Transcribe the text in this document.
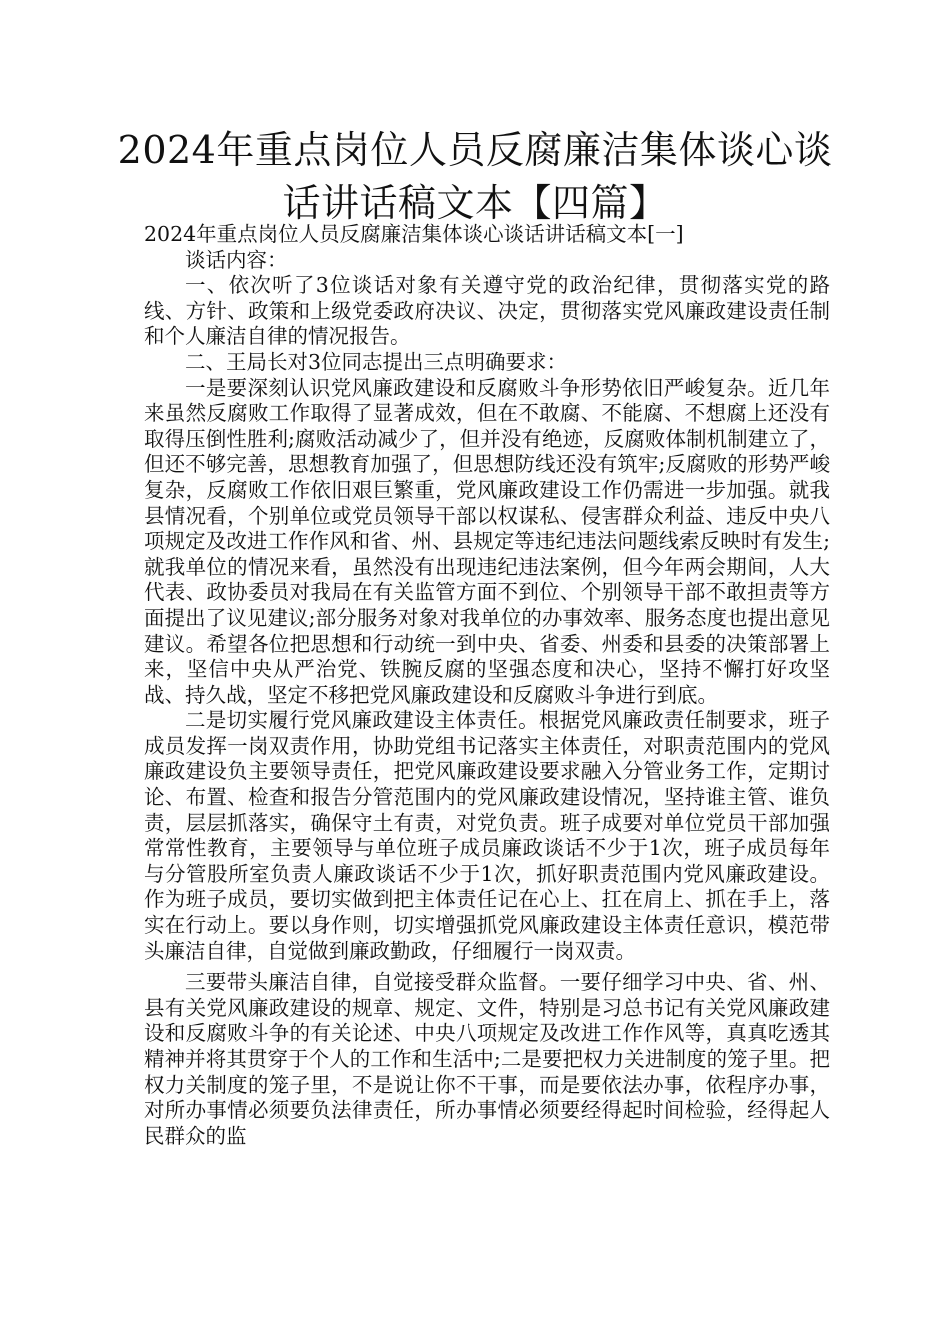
2024年重点岗位人员反腐廉洁集体谈心谈
话讲话稿文本【四篇】

2024年重点岗位人员反腐廉洁集体谈心谈话讲话稿文本[一]

谈话内容：

一、依次听了3位谈话对象有关遵守党的政治纪律，贯彻落实党的路线、方针、政策和上级党委政府决议、决定，贯彻落实党风廉政建设责任制和个人廉洁自律的情况报告。

二、王局长对3位同志提出三点明确要求：

一是要深刻认识党风廉政建设和反腐败斗争形势依旧严峻复杂。近几年来虽然反腐败工作取得了显著成效，但在不敢腐、不能腐、不想腐上还没有取得压倒性胜利;腐败活动减少了，但并没有绝迹，反腐败体制机制建立了，但还不够完善，思想教育加强了，但思想防线还没有筑牢;反腐败的形势严峻复杂，反腐败工作依旧艰巨繁重，党风廉政建设工作仍需进一步加强。就我县情况看，个别单位或党员领导干部以权谋私、侵害群众利益、违反中央八项规定及改进工作作风和省、州、县规定等违纪违法问题线索反映时有发生;就我单位的情况来看，虽然没有出现违纪违法案例，但今年两会期间，人大代表、政协委员对我局在有关监管方面不到位、个别领导干部不敢担责等方面提出了议见建议;部分服务对象对我单位的办事效率、服务态度也提出意见建议。希望各位把思想和行动统一到中央、省委、州委和县委的决策部署上来，坚信中央从严治党、铁腕反腐的坚强态度和决心，坚持不懈打好攻坚战、持久战，坚定不移把党风廉政建设和反腐败斗争进行到底。

二是切实履行党风廉政建设主体责任。根据党风廉政责任制要求，班子成员发挥一岗双责作用，协助党组书记落实主体责任，对职责范围内的党风廉政建设负主要领导责任，把党风廉政建设要求融入分管业务工作，定期讨论、布置、检查和报告分管范围内的党风廉政建设情况，坚持谁主管、谁负责，层层抓落实，确保守土有责，对党负责。班子成要对单位党员干部加强常常性教育，主要领导与单位班子成员廉政谈话不少于1次，班子成员每年与分管股所室负责人廉政谈话不少于1次，抓好职责范围内党风廉政建设。作为班子成员，要切实做到把主体责任记在心上、扛在肩上、抓在手上，落实在行动上。要以身作则，切实增强抓党风廉政建设主体责任意识，模范带头廉洁自律，自觉做到廉政勤政，仔细履行一岗双责。

三要带头廉洁自律，自觉接受群众监督。一要仔细学习中央、省、州、县有关党风廉政建设的规章、规定、文件，特别是习总书记有关党风廉政建设和反腐败斗争的有关论述、中央八项规定及改进工作作风等，真真吃透其精神并将其贯穿于个人的工作和生活中;二是要把权力关进制度的笼子里。把权力关制度的笼子里，不是说让你不干事，而是要依法办事，依程序办事，对所办事情必须要负法律责任，所办事情必须要经得起时间检验，经得起人民群众的监
